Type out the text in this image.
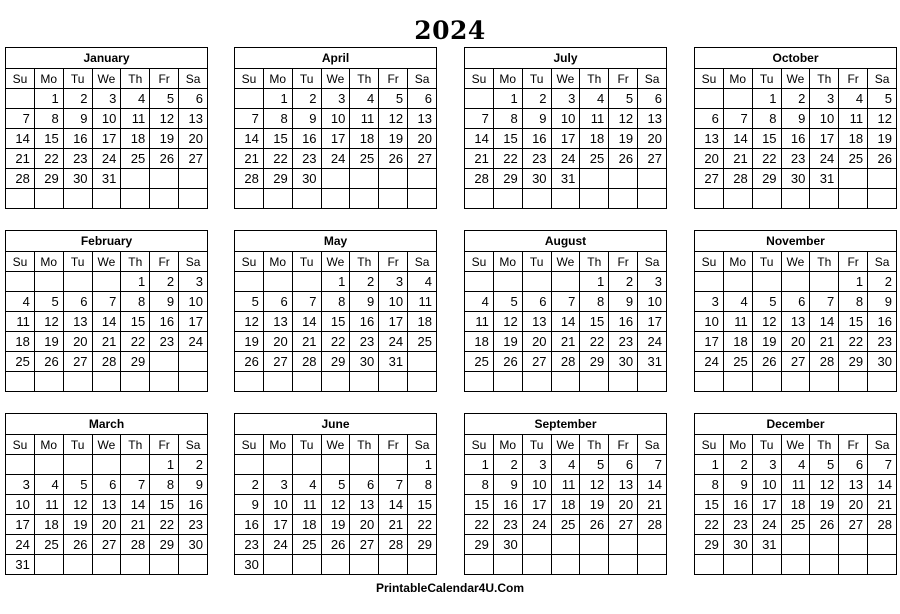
2024
January						
Su	Mo	Tu	We	Th	Fr	Sa
	1	2	3	4	5	6
7	8	9	10	11	12	13
14	15	16	17	18	19	20
21	22	23	24	25	26	27
28	29	30	31			

February						
Su	Mo	Tu	We	Th	Fr	Sa
				1	2	3
4	5	6	7	8	9	10
11	12	13	14	15	16	17
18	19	20	21	22	23	24
25	26	27	28	29		

March						
Su	Mo	Tu	We	Th	Fr	Sa
					1	2
3	4	5	6	7	8	9
10	11	12	13	14	15	16
17	18	19	20	21	22	23
24	25	26	27	28	29	30
31						
April						
Su	Mo	Tu	We	Th	Fr	Sa
	1	2	3	4	5	6
7	8	9	10	11	12	13
14	15	16	17	18	19	20
21	22	23	24	25	26	27
28	29	30				

May						
Su	Mo	Tu	We	Th	Fr	Sa
			1	2	3	4
5	6	7	8	9	10	11
12	13	14	15	16	17	18
19	20	21	22	23	24	25
26	27	28	29	30	31	

June						
Su	Mo	Tu	We	Th	Fr	Sa
						1
2	3	4	5	6	7	8
9	10	11	12	13	14	15
16	17	18	19	20	21	22
23	24	25	26	27	28	29
30						
July						
Su	Mo	Tu	We	Th	Fr	Sa
	1	2	3	4	5	6
7	8	9	10	11	12	13
14	15	16	17	18	19	20
21	22	23	24	25	26	27
28	29	30	31			

August						
Su	Mo	Tu	We	Th	Fr	Sa
				1	2	3
4	5	6	7	8	9	10
11	12	13	14	15	16	17
18	19	20	21	22	23	24
25	26	27	28	29	30	31

September						
Su	Mo	Tu	We	Th	Fr	Sa
1	2	3	4	5	6	7
8	9	10	11	12	13	14
15	16	17	18	19	20	21
22	23	24	25	26	27	28
29	30					

October						
Su	Mo	Tu	We	Th	Fr	Sa
		1	2	3	4	5
6	7	8	9	10	11	12
13	14	15	16	17	18	19
20	21	22	23	24	25	26
27	28	29	30	31		

November						
Su	Mo	Tu	We	Th	Fr	Sa
					1	2
3	4	5	6	7	8	9
10	11	12	13	14	15	16
17	18	19	20	21	22	23
24	25	26	27	28	29	30

December						
Su	Mo	Tu	We	Th	Fr	Sa
1	2	3	4	5	6	7
8	9	10	11	12	13	14
15	16	17	18	19	20	21
22	23	24	25	26	27	28
29	30	31				

PrintableCalendar4U.Com
